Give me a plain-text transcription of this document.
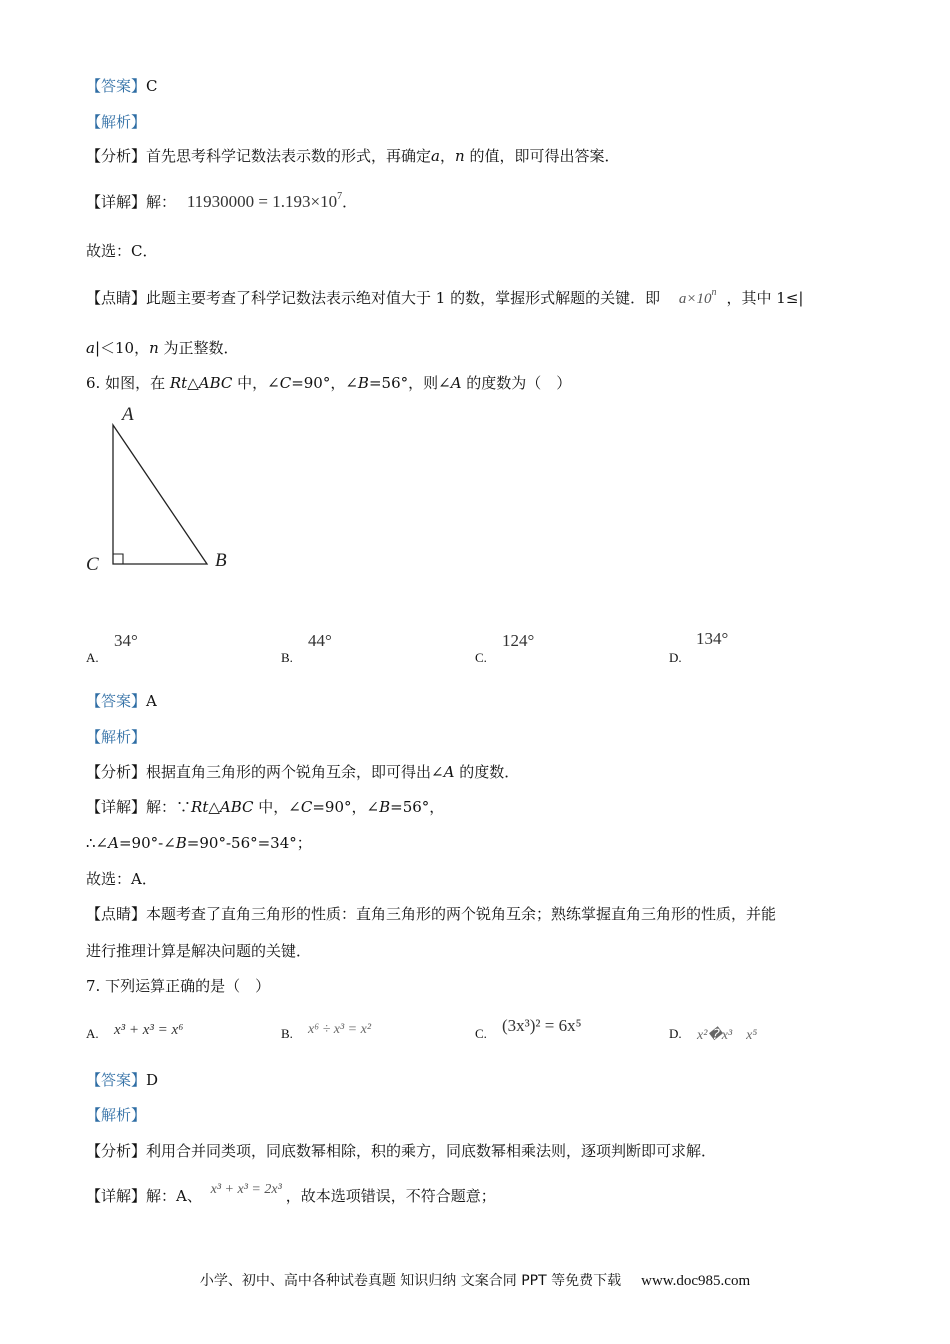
【答案】C
【解析】
【分析】首先思考科学记数法表示数的形式，再确定a，n 的值，即可得出答案．
【详解】解： $11930000 = 1.193\times 10^7$．
故选：C．
【点睛】此题主要考查了科学记数法表示绝对值大于 1 的数，掌握形式解题的关键．即 $a\times 10^n$ ，其中 1≤|
a|＜10，n 为正整数．
6. 如图，在 Rt△ABC 中，∠C=90°，∠B=56°，则∠A 的度数为（　）
A
C	B
A.
34°
B.
44°
C.
124°
D.
134°
【答案】A
【解析】
【分析】根据直角三角形的两个锐角互余，即可得出∠A 的度数．
【详解】解：∵Rt△ABC 中，∠C=90°，∠B=56°，
∴∠A=90°-∠B=90°-56°=34°；
故选：A．
【点睛】本题考查了直角三角形的性质：直角三角形的两个锐角互余；熟练掌握直角三角形的性质，并能
进行推理计算是解决问题的关键．
7. 下列运算正确的是（　）
A. x³ + x³ = x⁶	B. x⁶ ÷ x³ = x²	C. (3x³)² = 6x⁵	D. x²�x³　x⁵
【答案】D
【解析】
【分析】利用合并同类项，同底数幂相除，积的乘方，同底数幂相乘法则，逐项判断即可求解．
【详解】解：A、 x³ + x³ = 2x³ ，故本选项错误，不符合题意；
小学、初中、高中各种试卷真题 知识归纳 文案合同 PPT 等免费下载 www.doc985.com
